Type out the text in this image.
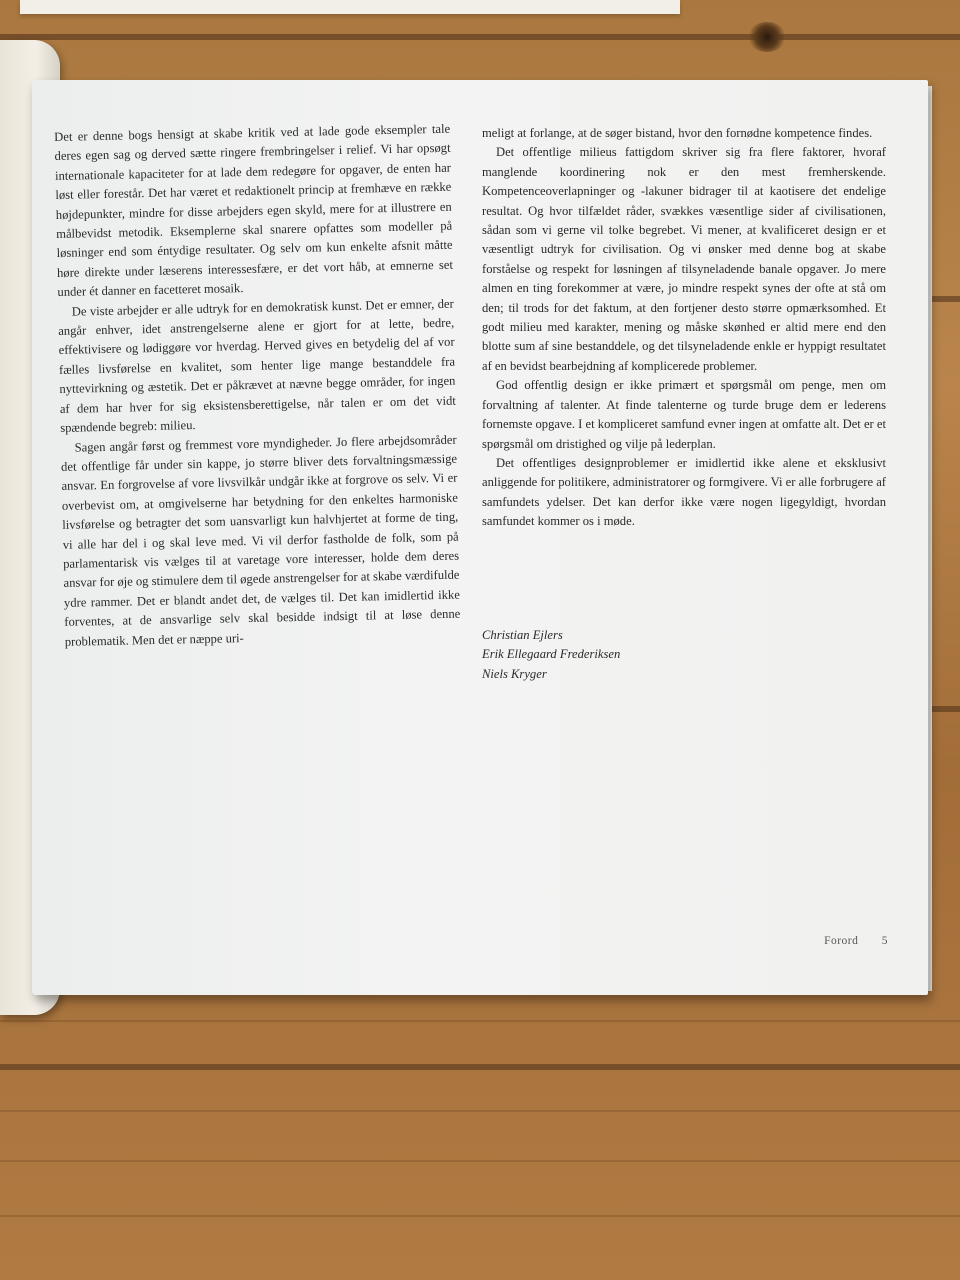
Det er denne bogs hensigt at skabe kritik ved at lade gode eksempler tale deres egen sag og derved sætte ringere frembringelser i relief. Vi har opsøgt internationale kapaciteter for at lade dem redegøre for opgaver, de enten har løst eller forestår. Det har været et redaktionelt princip at fremhæve en række højdepunkter, mindre for disse arbejders egen skyld, mere for at illustrere en målbevidst metodik. Eksemplerne skal snarere opfattes som modeller på løsninger end som éntydige resultater. Og selv om kun enkelte afsnit måtte høre direkte under læserens interessesfære, er det vort håb, at emnerne set under ét danner en facetteret mosaik.

De viste arbejder er alle udtryk for en demokratisk kunst. Det er emner, der angår enhver, idet anstrengelserne alene er gjort for at lette, bedre, effektivisere og lødiggøre vor hverdag. Herved gives en betydelig del af vor fælles livsførelse en kvalitet, som henter lige mange bestanddele fra nyttevirkning og æstetik. Det er påkrævet at nævne begge områder, for ingen af dem har hver for sig eksistensberettigelse, når talen er om det vidt spændende begreb: milieu.

Sagen angår først og fremmest vore myndigheder. Jo flere arbejdsområder det offentlige får under sin kappe, jo større bliver dets forvaltningsmæssige ansvar. En forgrovelse af vore livsvilkår undgår ikke at forgrove os selv. Vi er overbevist om, at omgivelserne har betydning for den enkeltes harmoniske livsførelse og betragter det som uansvarligt kun halvhjertet at forme de ting, vi alle har del i og skal leve med. Vi vil derfor fastholde de folk, som på parlamentarisk vis vælges til at varetage vore interesser, holde dem deres ansvar for øje og stimulere dem til øgede anstrengelser for at skabe værdifulde ydre rammer. Det er blandt andet det, de vælges til. Det kan imidlertid ikke forventes, at de ansvarlige selv skal besidde indsigt til at løse denne problematik. Men det er næppe uri-

meligt at forlange, at de søger bistand, hvor den fornødne kompetence findes.

Det offentlige milieus fattigdom skriver sig fra flere faktorer, hvoraf manglende koordinering nok er den mest fremherskende. Kompetenceoverlapninger og -lakuner bidrager til at kaotisere det endelige resultat. Og hvor tilfældet råder, svækkes væsentlige sider af civilisationen, sådan som vi gerne vil tolke begrebet. Vi mener, at kvalificeret design er et væsentligt udtryk for civilisation. Og vi ønsker med denne bog at skabe forståelse og respekt for løsningen af tilsyneladende banale opgaver. Jo mere almen en ting forekommer at være, jo mindre respekt synes der ofte at stå om den; til trods for det faktum, at den fortjener desto større opmærksomhed. Et godt milieu med karakter, mening og måske skønhed er altid mere end den blotte sum af sine bestanddele, og det tilsyneladende enkle er hyppigt resultatet af en bevidst bearbejdning af komplicerede problemer.

God offentlig design er ikke primært et spørgsmål om penge, men om forvaltning af talenter. At finde talenterne og turde bruge dem er lederens fornemste opgave. I et kompliceret samfund evner ingen at omfatte alt. Det er et spørgsmål om dristighed og vilje på lederplan.

Det offentliges designproblemer er imidlertid ikke alene et eksklusivt anliggende for politikere, administratorer og formgivere. Vi er alle forbrugere af samfundets ydelser. Det kan derfor ikke være nogen ligegyldigt, hvordan samfundet kommer os i møde.

Christian Ejlers
Erik Ellegaard Frederiksen
Niels Kryger
Forord 5
